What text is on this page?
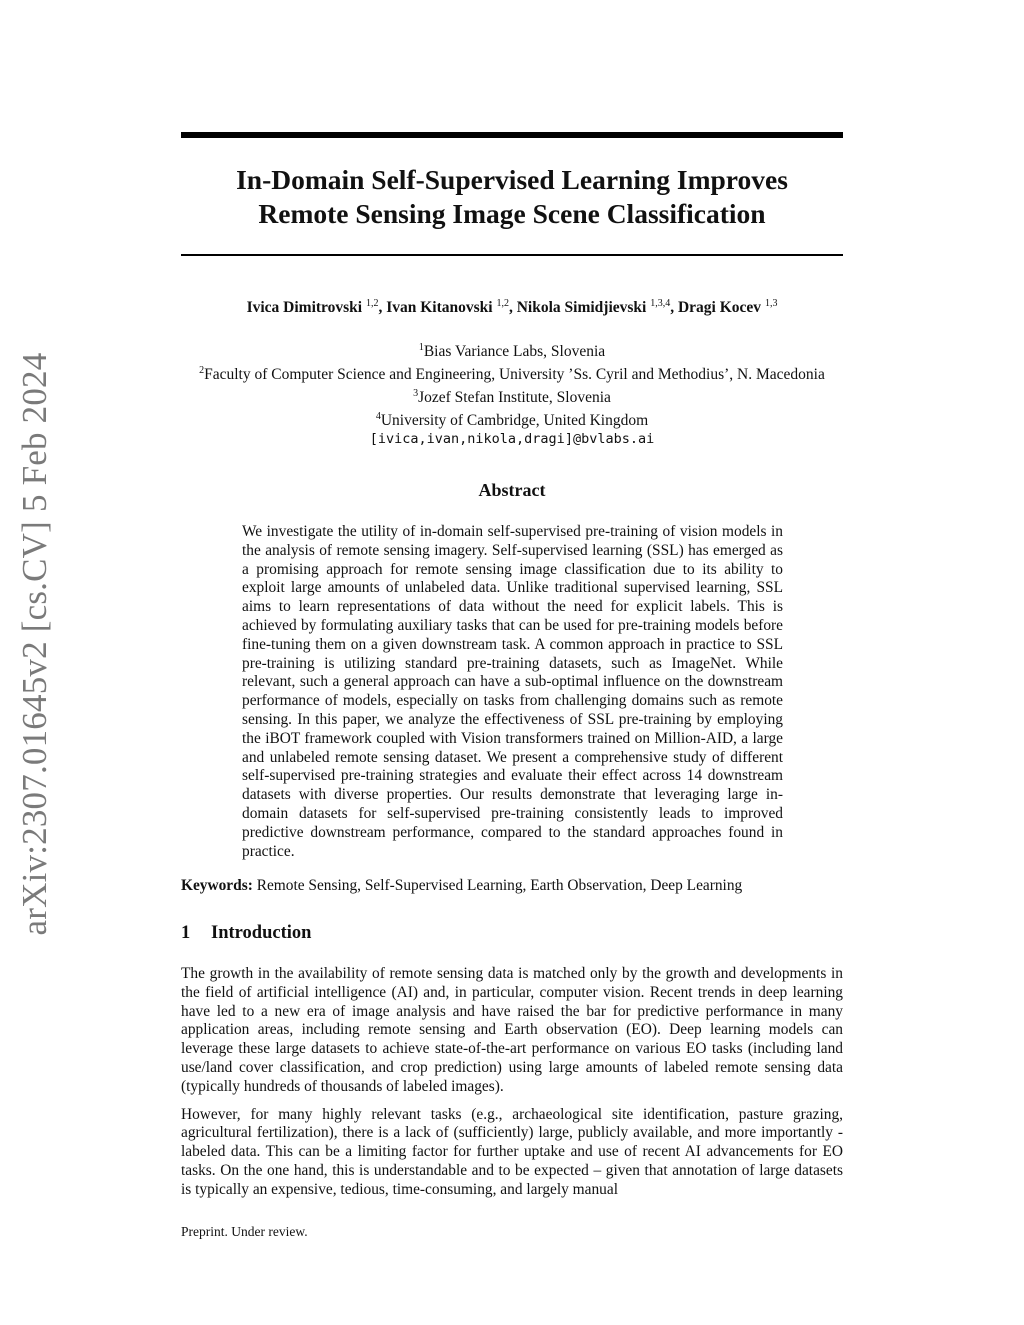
arXiv:2307.01645v2 [cs.CV] 5 Feb 2024
In-Domain Self-Supervised Learning Improves
Remote Sensing Image Scene Classification
Ivica Dimitrovski $^{1,2}$, Ivan Kitanovski $^{1,2}$, Nikola Simidjievski $^{1,3,4}$, Dragi Kocev $^{1,3}$
$^1$Bias Variance Labs, Slovenia
$^2$Faculty of Computer Science and Engineering, University ’Ss. Cyril and Methodius’, N. Macedonia
$^3$Jozef Stefan Institute, Slovenia
$^4$University of Cambridge, United Kingdom
[ivica,ivan,nikola,dragi]@bvlabs.ai
Abstract
We investigate the utility of in-domain self-supervised pre-training of vision models in the analysis of remote sensing imagery. Self-supervised learning (SSL) has emerged as a promising approach for remote sensing image classification due to its ability to exploit large amounts of unlabeled data. Unlike traditional supervised learning, SSL aims to learn representations of data without the need for explicit labels. This is achieved by formulating auxiliary tasks that can be used for pre-training models before fine-tuning them on a given downstream task. A common approach in practice to SSL pre-training is utilizing standard pre-training datasets, such as ImageNet. While relevant, such a general approach can have a sub-optimal influence on the downstream performance of models, especially on tasks from challenging domains such as remote sensing. In this paper, we analyze the effectiveness of SSL pre-training by employing the iBOT framework coupled with Vision transformers trained on Million-AID, a large and unlabeled remote sensing dataset. We present a comprehensive study of different self-supervised pre-training strategies and evaluate their effect across 14 downstream datasets with diverse properties. Our results demonstrate that leveraging large in-domain datasets for self-supervised pre-training consistently leads to improved predictive downstream performance, compared to the standard approaches found in practice.
Keywords: Remote Sensing, Self-Supervised Learning, Earth Observation, Deep Learning
1 Introduction

The growth in the availability of remote sensing data is matched only by the growth and developments in the field of artificial intelligence (AI) and, in particular, computer vision. Recent trends in deep learning have led to a new era of image analysis and have raised the bar for predictive performance in many application areas, including remote sensing and Earth observation (EO). Deep learning models can leverage these large datasets to achieve state-of-the-art performance on various EO tasks (including land use/land cover classification, and crop prediction) using large amounts of labeled remote sensing data (typically hundreds of thousands of labeled images).

However, for many highly relevant tasks (e.g., archaeological site identification, pasture grazing, agricultural fertilization), there is a lack of (sufficiently) large, publicly available, and more importantly - labeled data. This can be a limiting factor for further uptake and use of recent AI advancements for EO tasks. On the one hand, this is understandable and to be expected – given that annotation of large datasets is typically an expensive, tedious, time-consuming, and largely manual

Preprint. Under review.
